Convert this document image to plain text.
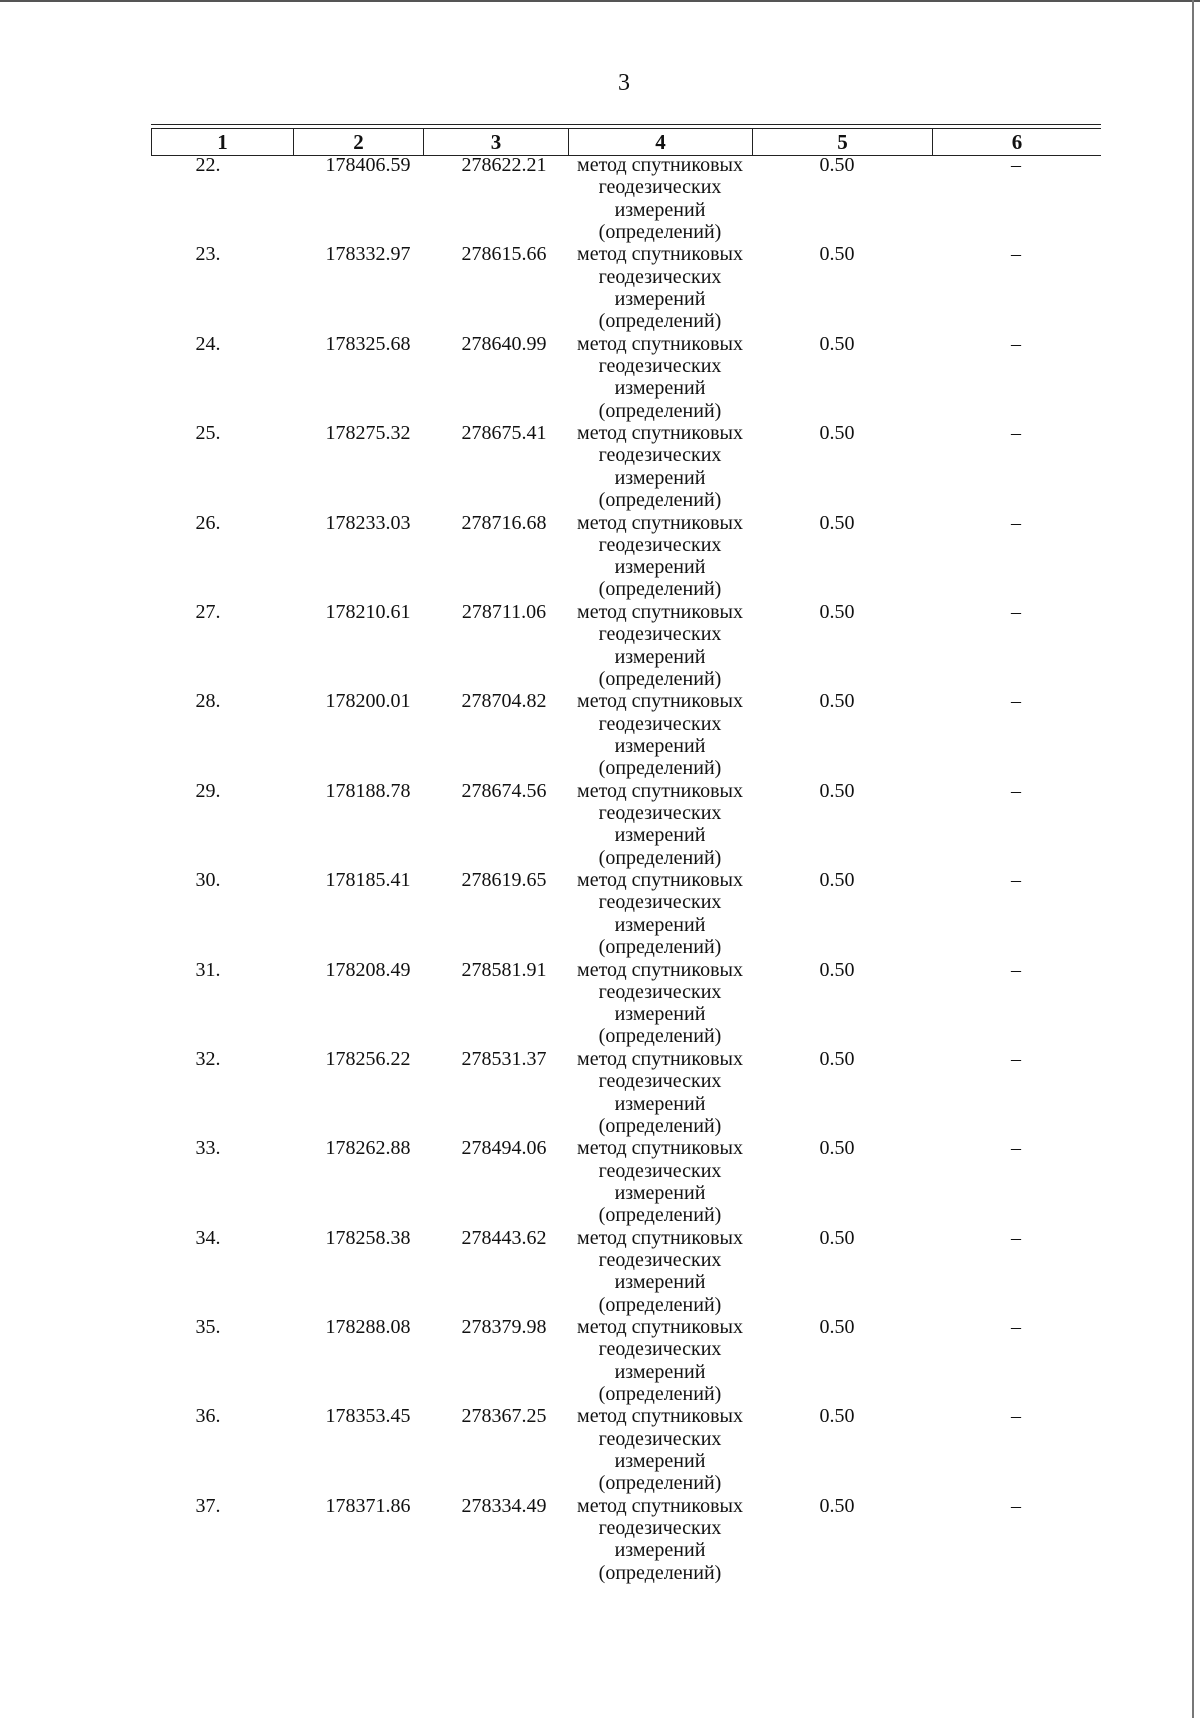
3
1	2	3	4	5	6
22.	178406.59	278622.21	метод спутниковых
геодезических
измерений
(определений)
0.50	–
23.	178332.97	278615.66	метод спутниковых
геодезических
измерений
(определений)
0.50	–
24.	178325.68	278640.99	метод спутниковых
геодезических
измерений
(определений)
0.50	–
25.	178275.32	278675.41	метод спутниковых
геодезических
измерений
(определений)
0.50	–
26.	178233.03	278716.68	метод спутниковых
геодезических
измерений
(определений)
0.50	–
27.	178210.61	278711.06	метод спутниковых
геодезических
измерений
(определений)
0.50	–
28.	178200.01	278704.82	метод спутниковых
геодезических
измерений
(определений)
0.50	–
29.	178188.78	278674.56	метод спутниковых
геодезических
измерений
(определений)
0.50	–
30.	178185.41	278619.65	метод спутниковых
геодезических
измерений
(определений)
0.50	–
31.	178208.49	278581.91	метод спутниковых
геодезических
измерений
(определений)
0.50	–
32.	178256.22	278531.37	метод спутниковых
геодезических
измерений
(определений)
0.50	–
33.	178262.88	278494.06	метод спутниковых
геодезических
измерений
(определений)
0.50	–
34.	178258.38	278443.62	метод спутниковых
геодезических
измерений
(определений)
0.50	–
35.	178288.08	278379.98	метод спутниковых
геодезических
измерений
(определений)
0.50	–
36.	178353.45	278367.25	метод спутниковых
геодезических
измерений
(определений)
0.50	–
37.	178371.86	278334.49	метод спутниковых
геодезических
измерений
(определений)
0.50	–
